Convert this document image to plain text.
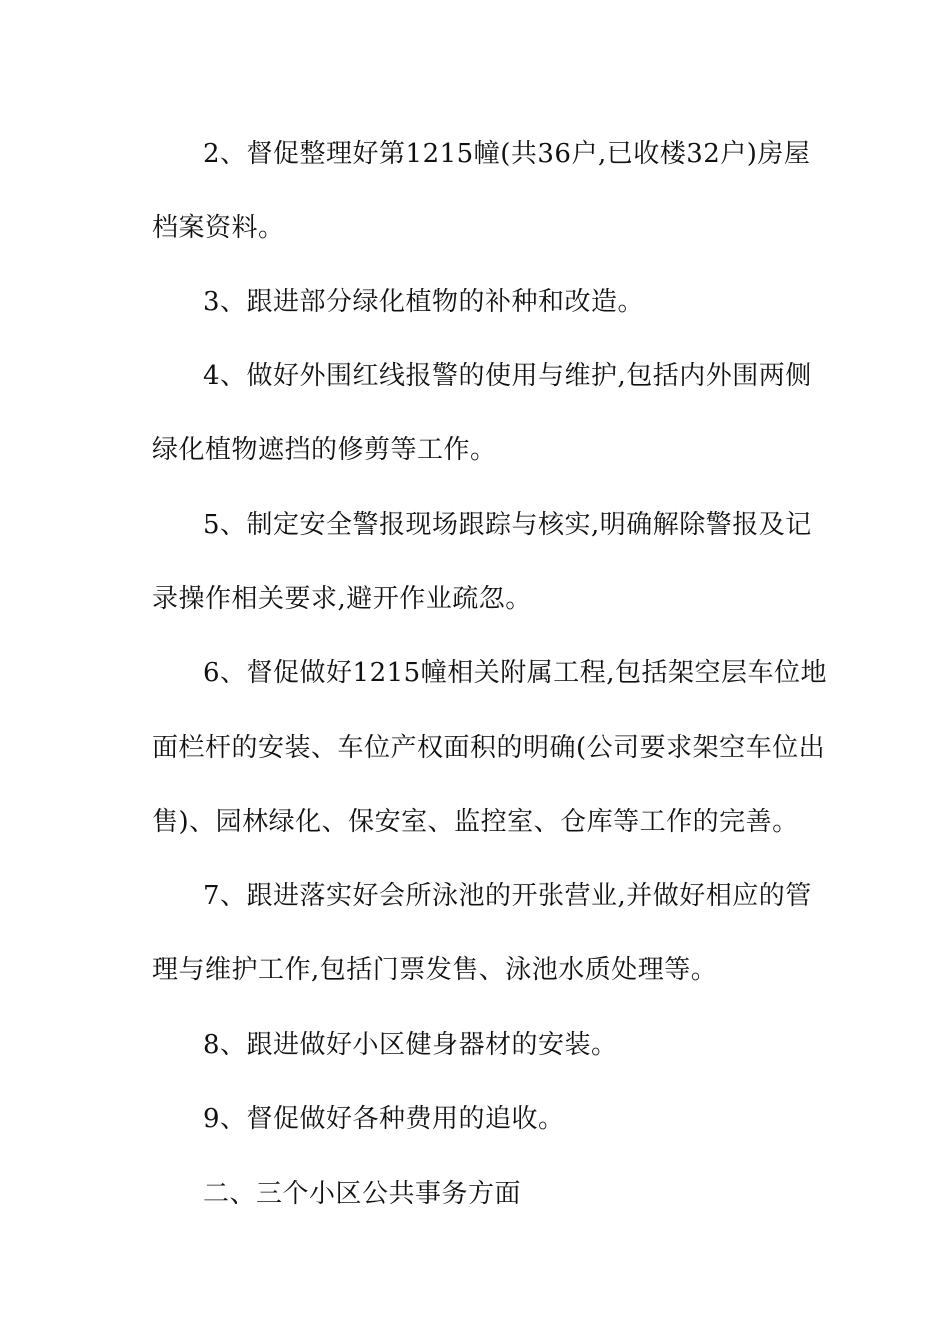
2、督促整理好第1215幢(共36户,已收楼32户)房屋
档案资料。
3、跟进部分绿化植物的补种和改造。
4、做好外围红线报警的使用与维护,包括内外围两侧
绿化植物遮挡的修剪等工作。
5、制定安全警报现场跟踪与核实,明确解除警报及记
录操作相关要求,避开作业疏忽。
6、督促做好1215幢相关附属工程,包括架空层车位地
面栏杆的安装、车位产权面积的明确(公司要求架空车位出
售)、园林绿化、保安室、监控室、仓库等工作的完善。
7、跟进落实好会所泳池的开张营业,并做好相应的管
理与维护工作,包括门票发售、泳池水质处理等。
8、跟进做好小区健身器材的安装。
9、督促做好各种费用的追收。
二、三个小区公共事务方面
